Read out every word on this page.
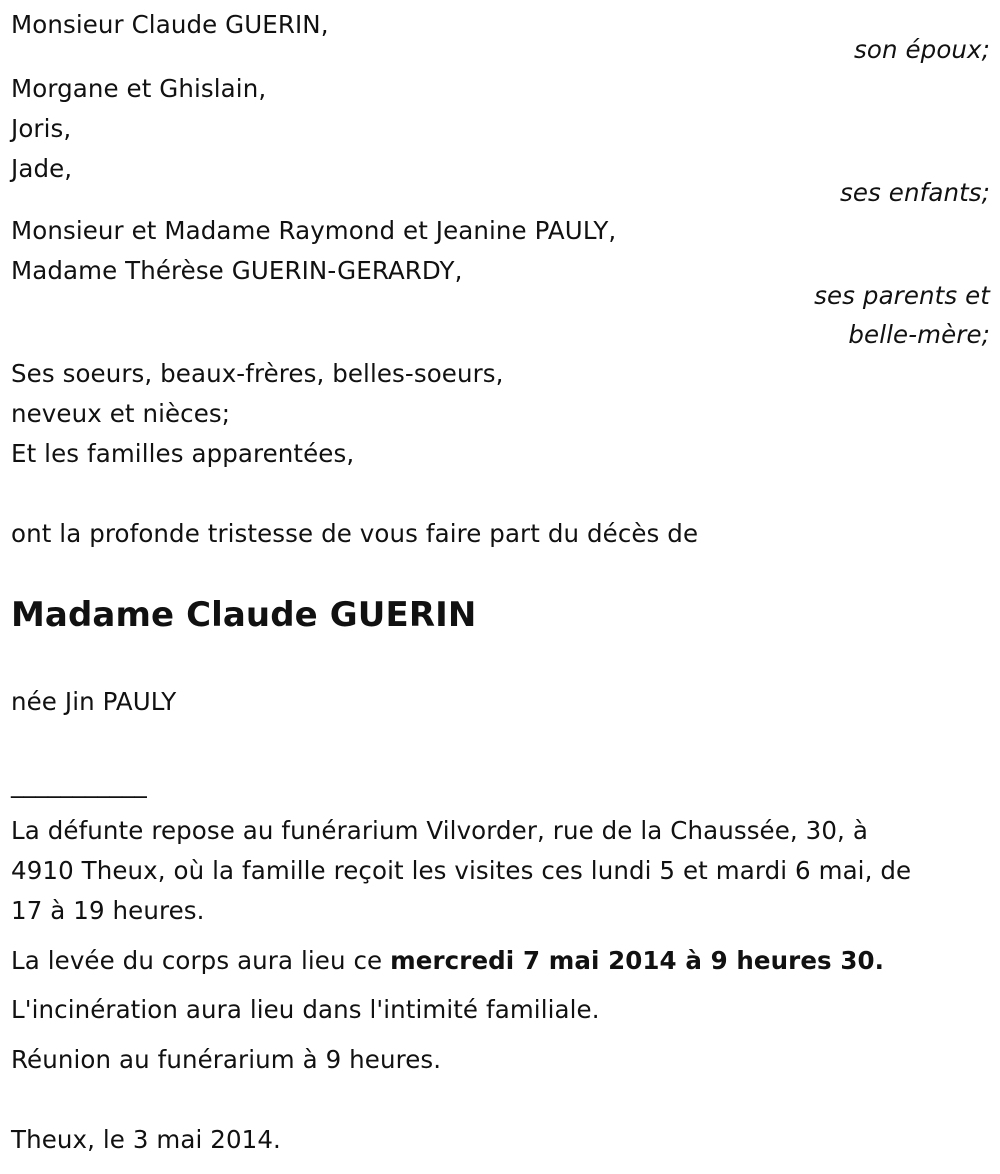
Monsieur Claude GUERIN,
son époux;
Morgane et Ghislain,
Joris,
Jade,
ses enfants;
Monsieur et Madame Raymond et Jeanine PAULY,
Madame Thérèse GUERIN-GERARDY,
ses parents et
belle-mère;
Ses soeurs, beaux-frères, belles-soeurs,
neveux et nièces;
Et les familles apparentées,
ont la profonde tristesse de vous faire part du décès de
Madame Claude GUERIN
née Jin PAULY
___________
La défunte repose au funérarium Vilvorder, rue de la Chaussée, 30, à
4910 Theux, où la famille reçoit les visites ces lundi 5 et mardi 6 mai, de
17 à 19 heures.
La levée du corps aura lieu ce mercredi 7 mai 2014 à 9 heures 30.
L'incinération aura lieu dans l'intimité familiale.
Réunion au funérarium à 9 heures.
Theux, le 3 mai 2014.
